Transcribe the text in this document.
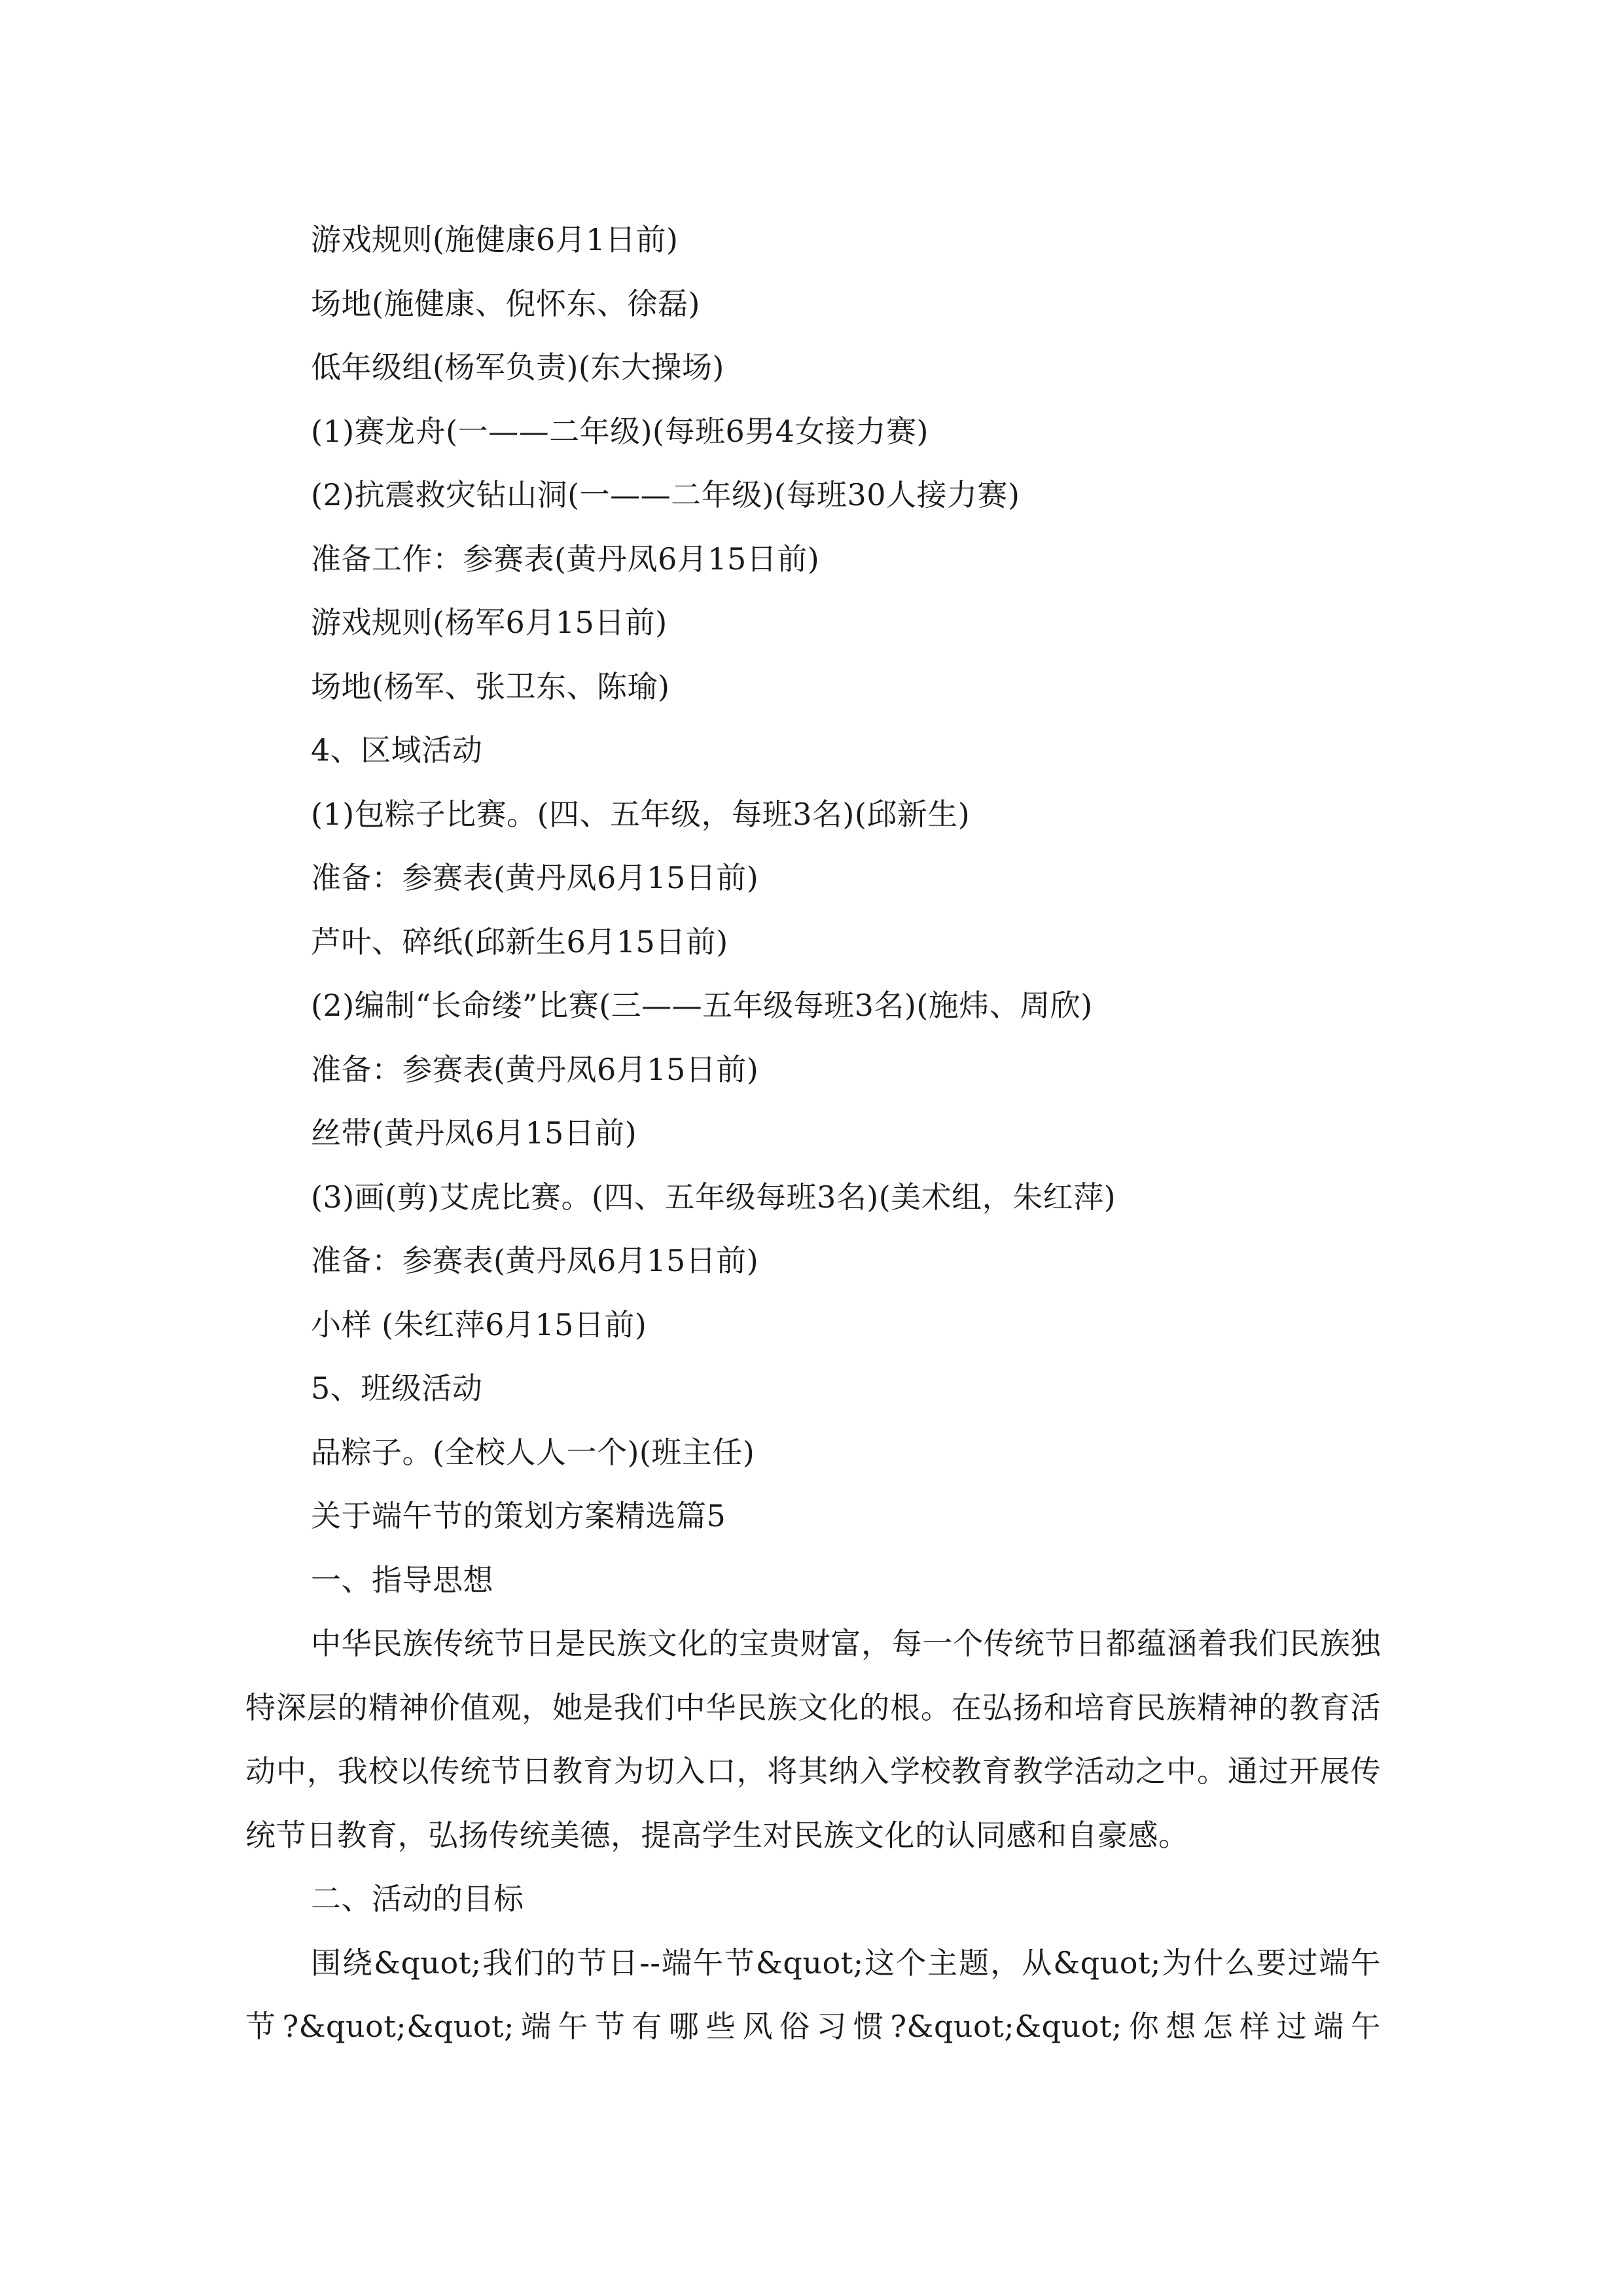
游戏规则(施健康6月1日前)
场地(施健康、倪怀东、徐磊)
低年级组(杨军负责)(东大操场)
(1)赛龙舟(一——二年级)(每班6男4女接力赛)
(2)抗震救灾钻山洞(一——二年级)(每班30人接力赛)
准备工作：参赛表(黄丹凤6月15日前)
游戏规则(杨军6月15日前)
场地(杨军、张卫东、陈瑜)
4、区域活动
(1)包粽子比赛。(四、五年级，每班3名)(邱新生)
准备：参赛表(黄丹凤6月15日前)
芦叶、碎纸(邱新生6月15日前)
(2)编制“长命缕”比赛(三——五年级每班3名)(施炜、周欣)
准备：参赛表(黄丹凤6月15日前)
丝带(黄丹凤6月15日前)
(3)画(剪)艾虎比赛。(四、五年级每班3名)(美术组，朱红萍)
准备：参赛表(黄丹凤6月15日前)
小样 (朱红萍6月15日前)
5、班级活动
品粽子。(全校人人一个)(班主任)
关于端午节的策划方案精选篇5
一、指导思想

中华民族传统节日是民族文化的宝贵财富，每一个传统节日都蕴涵着我们民族独特深层的精神价值观，她是我们中华民族文化的根。在弘扬和培育民族精神的教育活动中，我校以传统节日教育为切入口，将其纳入学校教育教学活动之中。通过开展传统节日教育，弘扬传统美德，提高学生对民族文化的认同感和自豪感。

二、活动的目标

围绕&quot;我们的节日--端午节&quot;这个主题，从&quot;为什么要过端午节?&quot;&quot;端午节有哪些风俗习惯?&quot;&quot;你想怎样过端午
